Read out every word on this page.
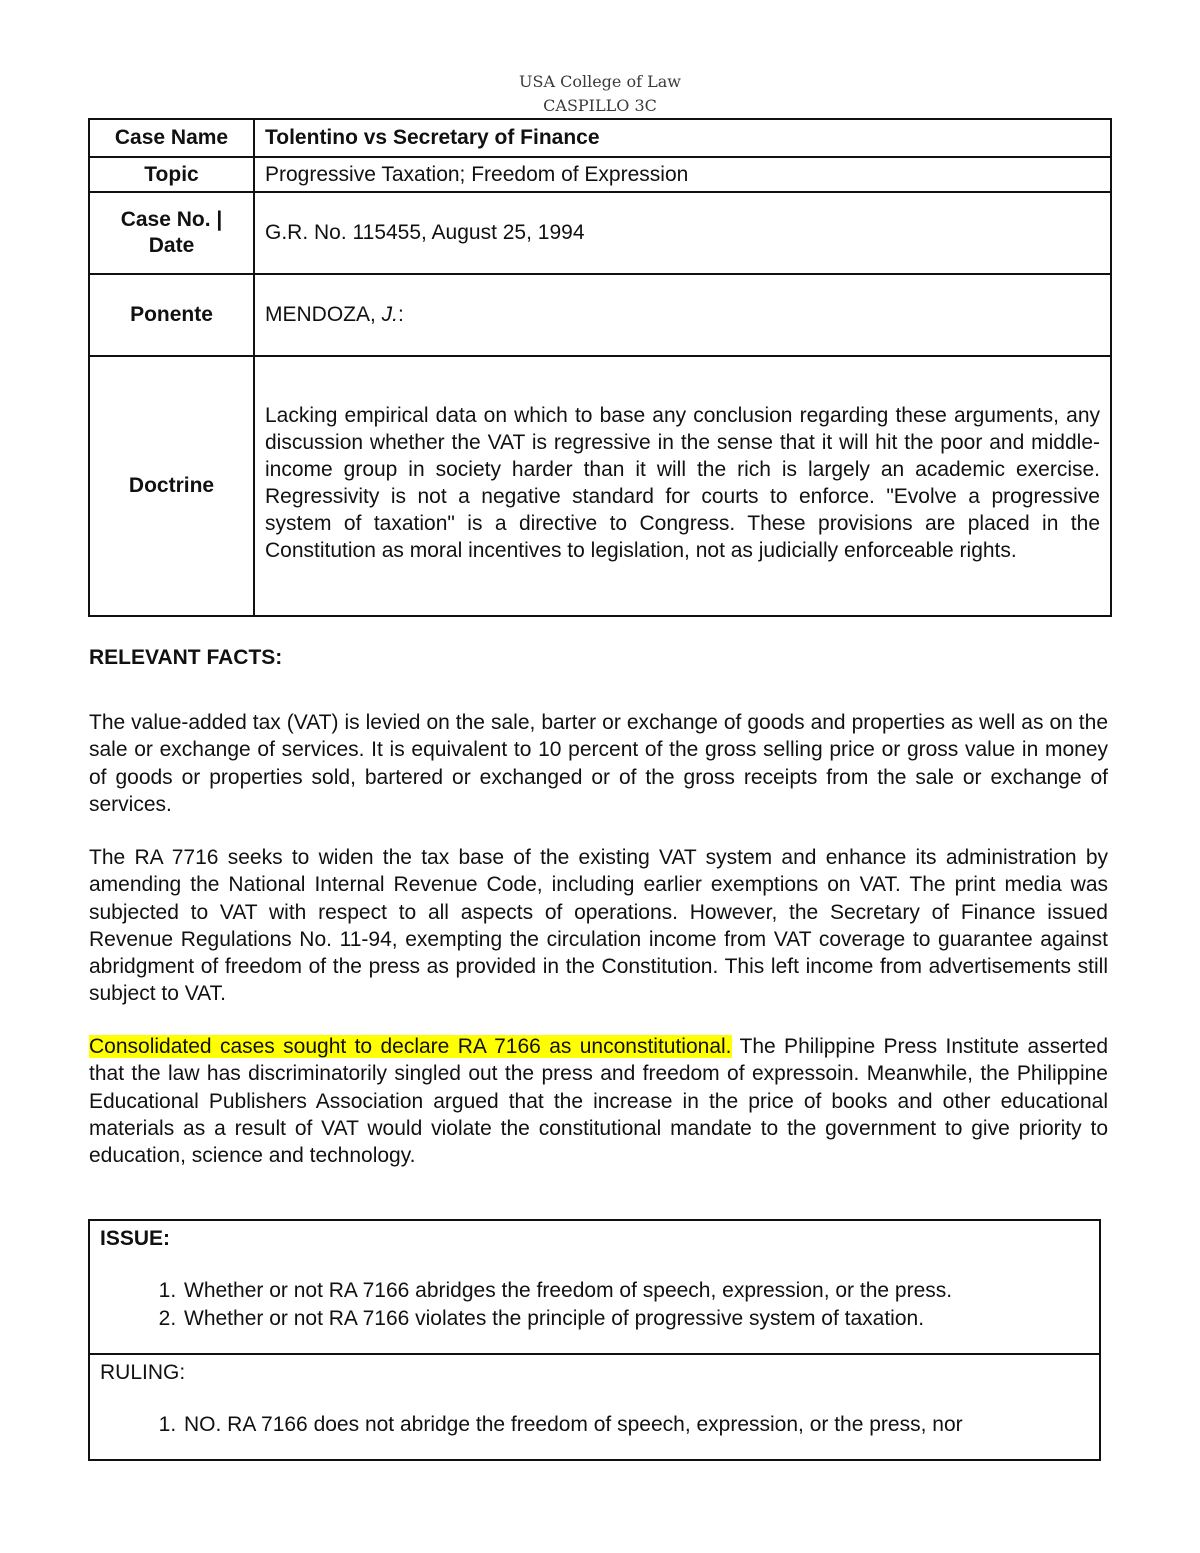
USA College of Law
CASPILLO 3C
Case Name	Tolentino vs Secretary of Finance
Topic	Progressive Taxation; Freedom of Expression

Case No. |
Date	G.R. No. 115455, August 25, 1994
Ponente	MENDOZA, J.:
Doctrine	Lacking empirical data on which to base any conclusion regarding these arguments, any discussion whether the VAT is regressive in the sense that it will hit the poor and middle-income group in society harder than it will the rich is largely an academic exercise. Regressivity is not a negative standard for courts to enforce. "Evolve a progressive system of taxation" is a directive to Congress. These provisions are placed in the Constitution as moral incentives to legislation, not as judicially enforceable rights.
RELEVANT FACTS:

The value-added tax (VAT) is levied on the sale, barter or exchange of goods and properties as well as on the sale or exchange of services. It is equivalent to 10 percent of the gross selling price or gross value in money of goods or properties sold, bartered or exchanged or of the gross receipts from the sale or exchange of services.

The RA 7716 seeks to widen the tax base of the existing VAT system and enhance its administration by amending the National Internal Revenue Code, including earlier exemptions on VAT. The print media was subjected to VAT with respect to all aspects of operations. However, the Secretary of Finance issued Revenue Regulations No. 11-94, exempting the circulation income from VAT coverage to guarantee against abridgment of freedom of the press as provided in the Constitution. This left income from advertisements still subject to VAT.

Consolidated cases sought to declare RA 7166 as unconstitutional. The Philippine Press Institute asserted that the law has discriminatorily singled out the press and freedom of expressoin. Meanwhile, the Philippine Educational Publishers Association argued that the increase in the price of books and other educational materials as a result of VAT would violate the constitutional mandate to the government to give priority to education, science and technology.

ISSUE:
1. Whether or not RA 7166 abridges the freedom of speech, expression, or the press.
2. Whether or not RA 7166 violates the principle of progressive system of taxation.

RULING:
1. NO. RA 7166 does not abridge the freedom of speech, expression, or the press, nor
